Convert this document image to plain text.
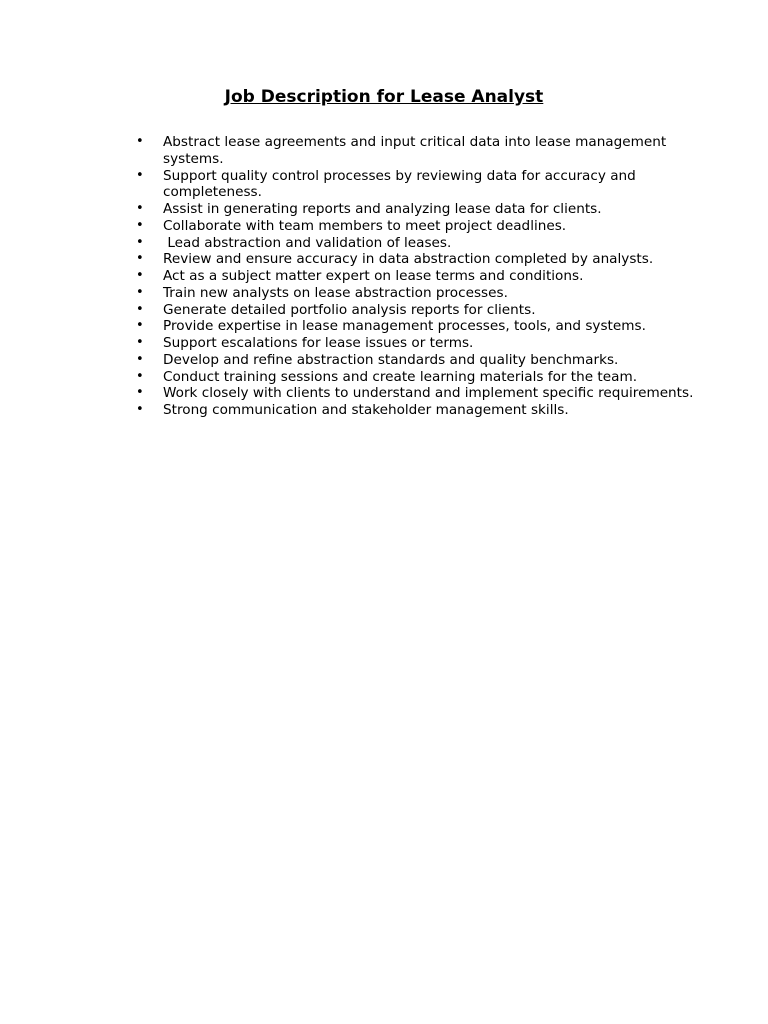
Job Description for Lease Analyst
•	Abstract lease agreements and input critical data into lease management systems.
•	Support quality control processes by reviewing data for accuracy and completeness.
•	Assist in generating reports and analyzing lease data for clients.
•	Collaborate with team members to meet project deadlines.
•	Lead abstraction and validation of leases.
•	Review and ensure accuracy in data abstraction completed by analysts.
•	Act as a subject matter expert on lease terms and conditions.
•	Train new analysts on lease abstraction processes.
•	Generate detailed portfolio analysis reports for clients.
•	Provide expertise in lease management processes, tools, and systems.
•	Support escalations for lease issues or terms.
•	Develop and refine abstraction standards and quality benchmarks.
•	Conduct training sessions and create learning materials for the team.
•	Work closely with clients to understand and implement specific requirements.
•	Strong communication and stakeholder management skills.
